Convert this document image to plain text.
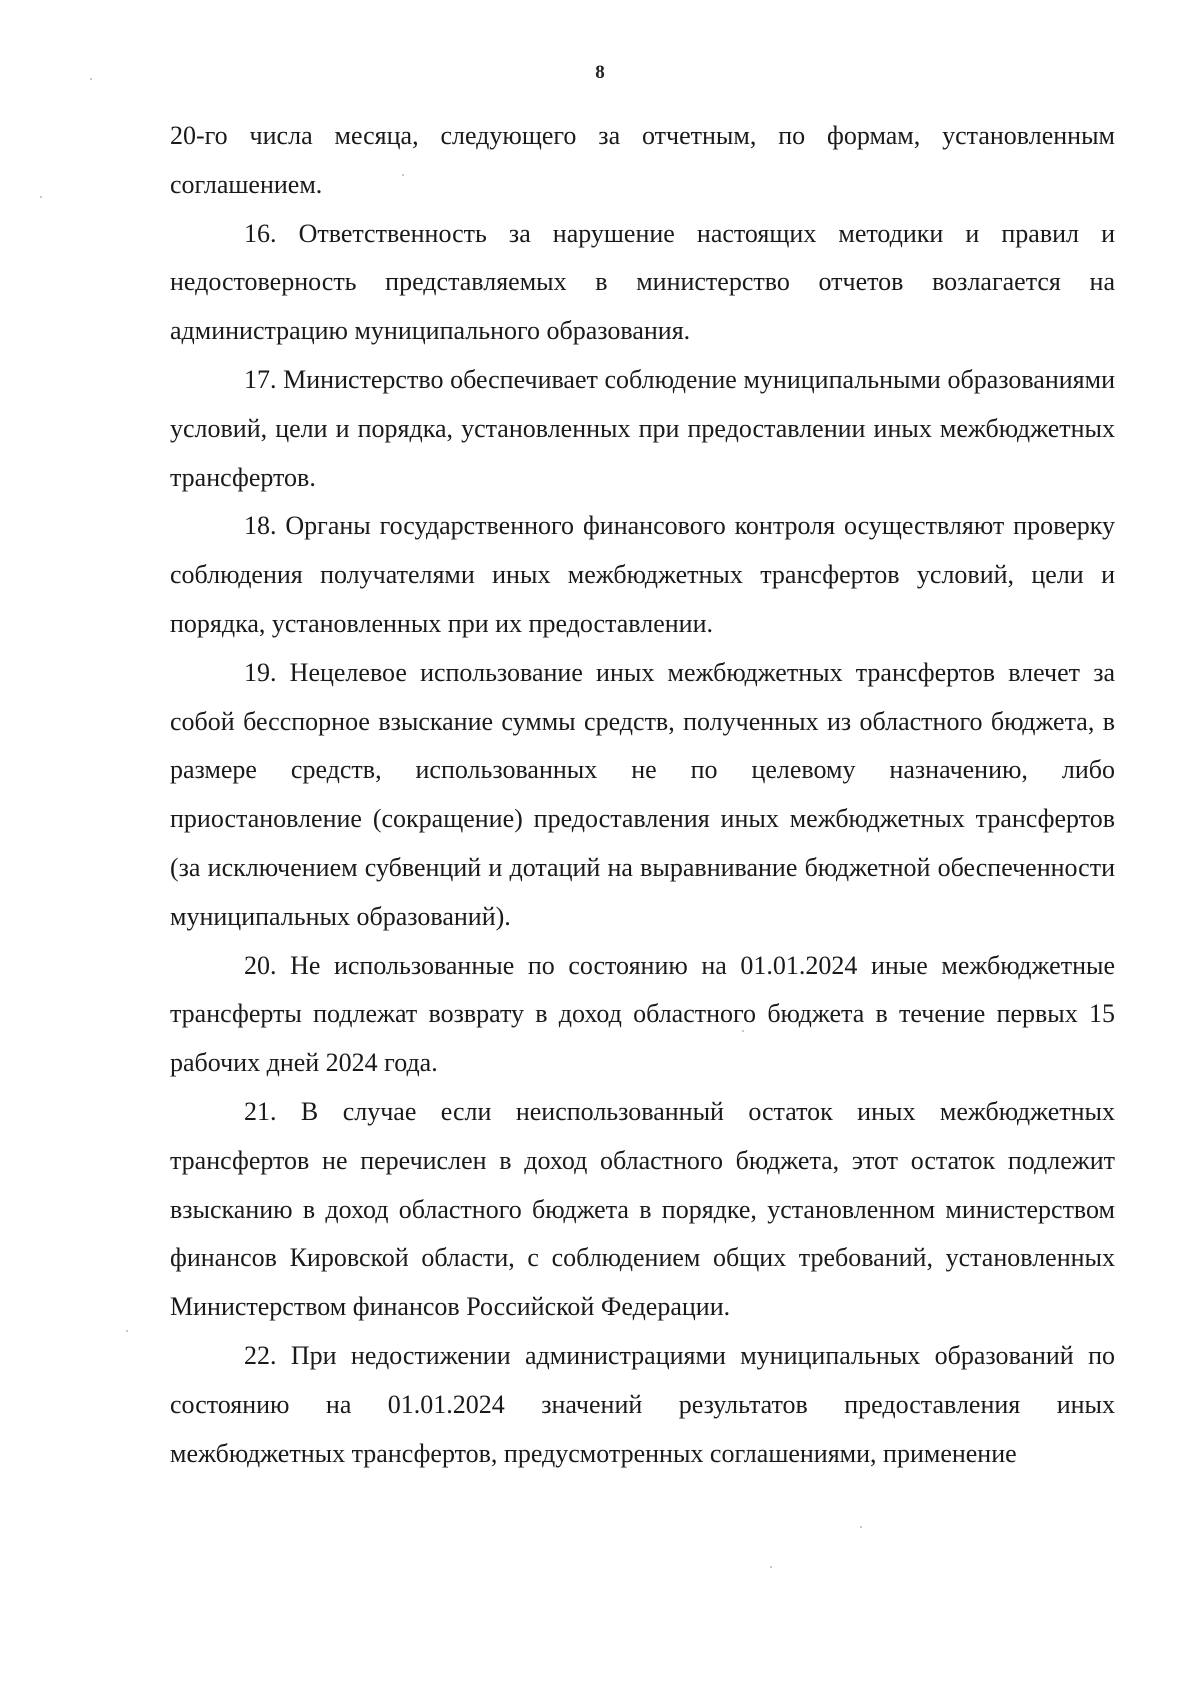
8

20-го числа месяца, следующего за отчетным, по формам, установленным соглашением.

16. Ответственность за нарушение настоящих методики и правил и недостоверность представляемых в министерство отчетов возлагается на администрацию муниципального образования.

17. Министерство обеспечивает соблюдение муниципальными образованиями условий, цели и порядка, установленных при предоставлении иных межбюджетных трансфертов.

18. Органы государственного финансового контроля осуществляют проверку соблюдения получателями иных межбюджетных трансфертов условий, цели и порядка, установленных при их предоставлении.

19. Нецелевое использование иных межбюджетных трансфертов влечет за собой бесспорное взыскание суммы средств, полученных из областного бюджета, в размере средств, использованных не по целевому назначению, либо приостановление (сокращение) предоставления иных межбюджетных трансфертов (за исключением субвенций и дотаций на выравнивание бюджетной обеспеченности муниципальных образований).

20. Не использованные по состоянию на 01.01.2024 иные межбюджетные трансферты подлежат возврату в доход областного бюджета в течение первых 15 рабочих дней 2024 года.

21. В случае если неиспользованный остаток иных межбюджетных трансфертов не перечислен в доход областного бюджета, этот остаток подлежит взысканию в доход областного бюджета в порядке, установленном министерством финансов Кировской области, с соблюдением общих требований, установленных Министерством финансов Российской Федерации.

22. При недостижении администрациями муниципальных образований по состоянию на 01.01.2024 значений результатов предоставления иных межбюджетных трансфертов, предусмотренных соглашениями, применение
